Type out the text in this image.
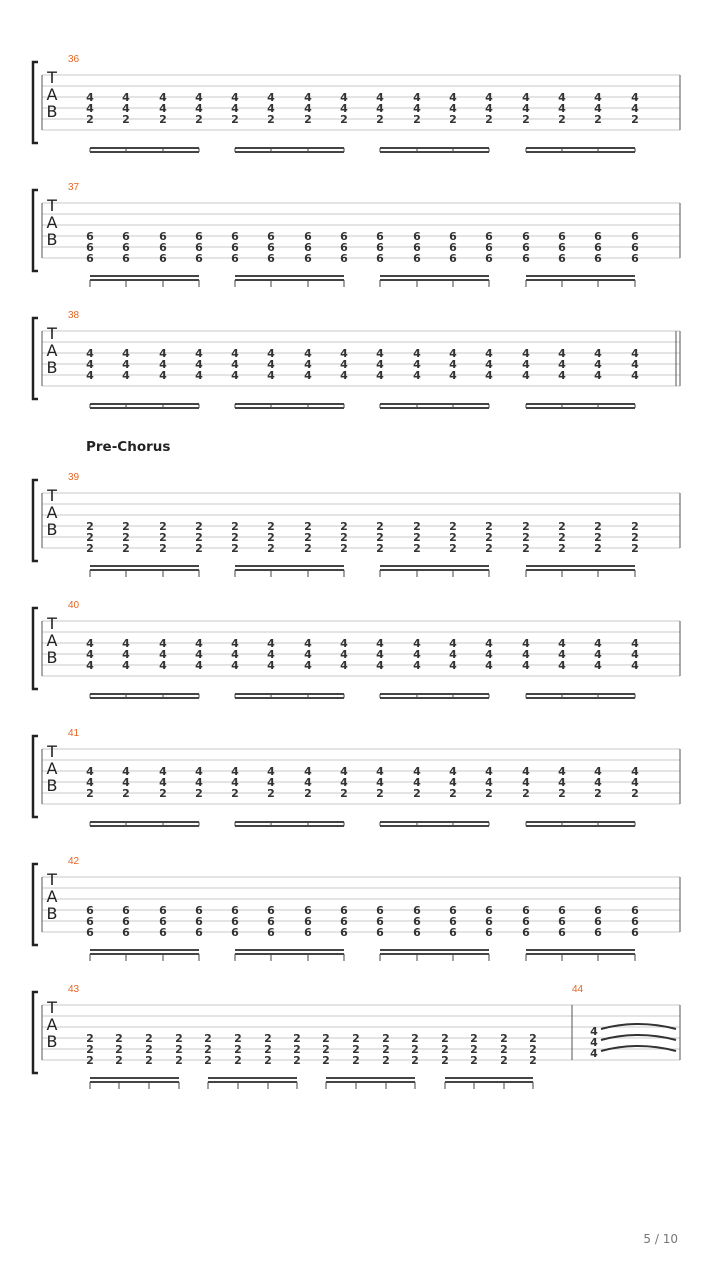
T
A
B
36
4
4
2
4
4
2
4
4
2
4
4
2
4
4
2
4
4
2
4
4
2
4
4
2
4
4
2
4
4
2
4
4
2
4
4
2
4
4
2
4
4
2
4
4
2
4
4
2
T
A
B
37
6
6
6
6
6
6
6
6
6
6
6
6
6
6
6
6
6
6
6
6
6
6
6
6
6
6
6
6
6
6
6
6
6
6
6
6
6
6
6
6
6
6
6
6
6
6
6
6
T
A
B
38
4
4
4
4
4
4
4
4
4
4
4
4
4
4
4
4
4
4
4
4
4
4
4
4
4
4
4
4
4
4
4
4
4
4
4
4
4
4
4
4
4
4
4
4
4
4
4
4
Pre-Chorus
T
A
B
39
2
2
2
2
2
2
2
2
2
2
2
2
2
2
2
2
2
2
2
2
2
2
2
2
2
2
2
2
2
2
2
2
2
2
2
2
2
2
2
2
2
2
2
2
2
2
2
2
T
A
B
40
4
4
4
4
4
4
4
4
4
4
4
4
4
4
4
4
4
4
4
4
4
4
4
4
4
4
4
4
4
4
4
4
4
4
4
4
4
4
4
4
4
4
4
4
4
4
4
4
T
A
B
41
4
4
2
4
4
2
4
4
2
4
4
2
4
4
2
4
4
2
4
4
2
4
4
2
4
4
2
4
4
2
4
4
2
4
4
2
4
4
2
4
4
2
4
4
2
4
4
2
T
A
B
42
6
6
6
6
6
6
6
6
6
6
6
6
6
6
6
6
6
6
6
6
6
6
6
6
6
6
6
6
6
6
6
6
6
6
6
6
6
6
6
6
6
6
6
6
6
6
6
6
T
A
B
43
2
2
2
2
2
2
2
2
2
2
2
2
2
2
2
2
2
2
2
2
2
2
2
2
2
2
2
2
2
2
2
2
2
2
2
2
2
2
2
2
2
2
2
2
2
2
2
2
44
4
4
4
5 / 10
